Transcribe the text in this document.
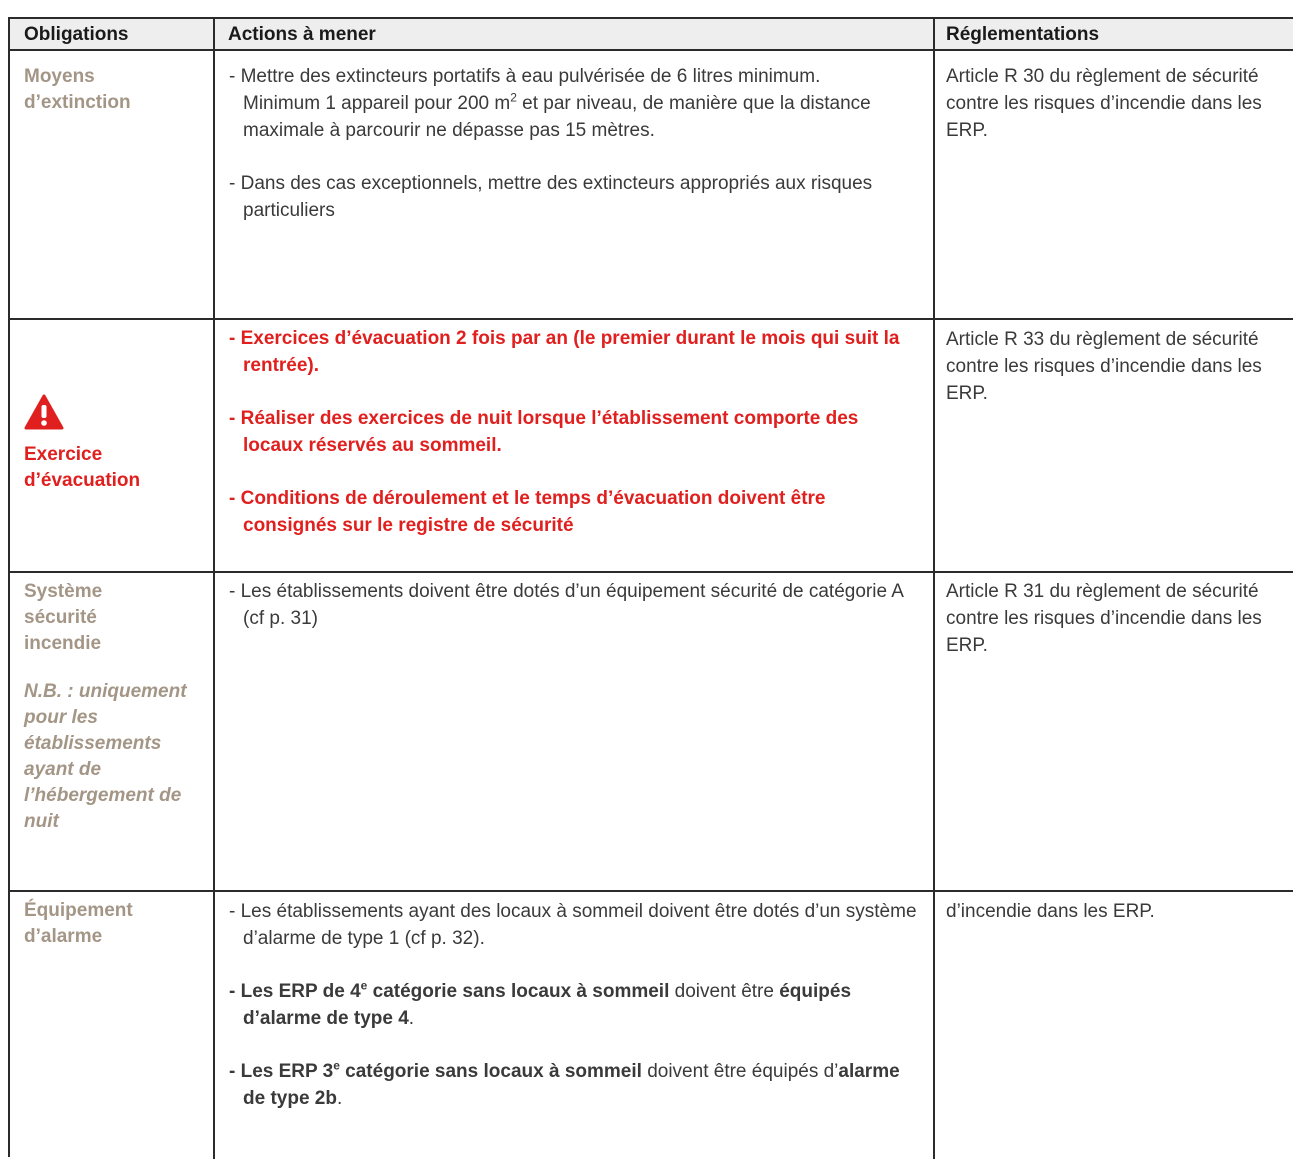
Obligations	Actions à mener	Réglementations
Moyens
d’extinction
- Mettre des extincteurs portatifs à eau pulvérisée de 6 litres minimum.
Minimum 1 appareil pour 200 $m^2$ et par niveau, de manière que la distance maximale à parcourir ne dépasse pas 15 mètres.
- Dans des cas exceptionnels, mettre des extincteurs appropriés aux risques particuliers
Article R 30 du règlement de sécurité contre les risques d’incendie dans les ERP.
Exercice
d’évacuation
- Exercices d’évacuation 2 fois par an (le premier durant le mois qui suit la rentrée).
- Réaliser des exercices de nuit lorsque l’établissement comporte des locaux réservés au sommeil.
- Conditions de déroulement et le temps d’évacuation doivent être consignés sur le registre de sécurité
Article R 33 du règlement de sécurité contre les risques d’incendie dans les ERP.
Système
sécurité
incendie
N.B. : uniquement pour les établissements ayant de l’hébergement de nuit
- Les établissements doivent être dotés d’un équipement sécurité de catégorie A (cf p. 31)
Article R 31 du règlement de sécurité contre les risques d’incendie dans les ERP.
Équipement
d’alarme
- Les établissements ayant des locaux à sommeil doivent être dotés d’un système d’alarme de type 1 (cf p. 32).
- Les ERP de 4e catégorie sans locaux à sommeil doivent être équipés d’alarme de type 4.
- Les ERP 3e catégorie sans locaux à sommeil doivent être équipés d’alarme de type 2b.
d’incendie dans les ERP.
